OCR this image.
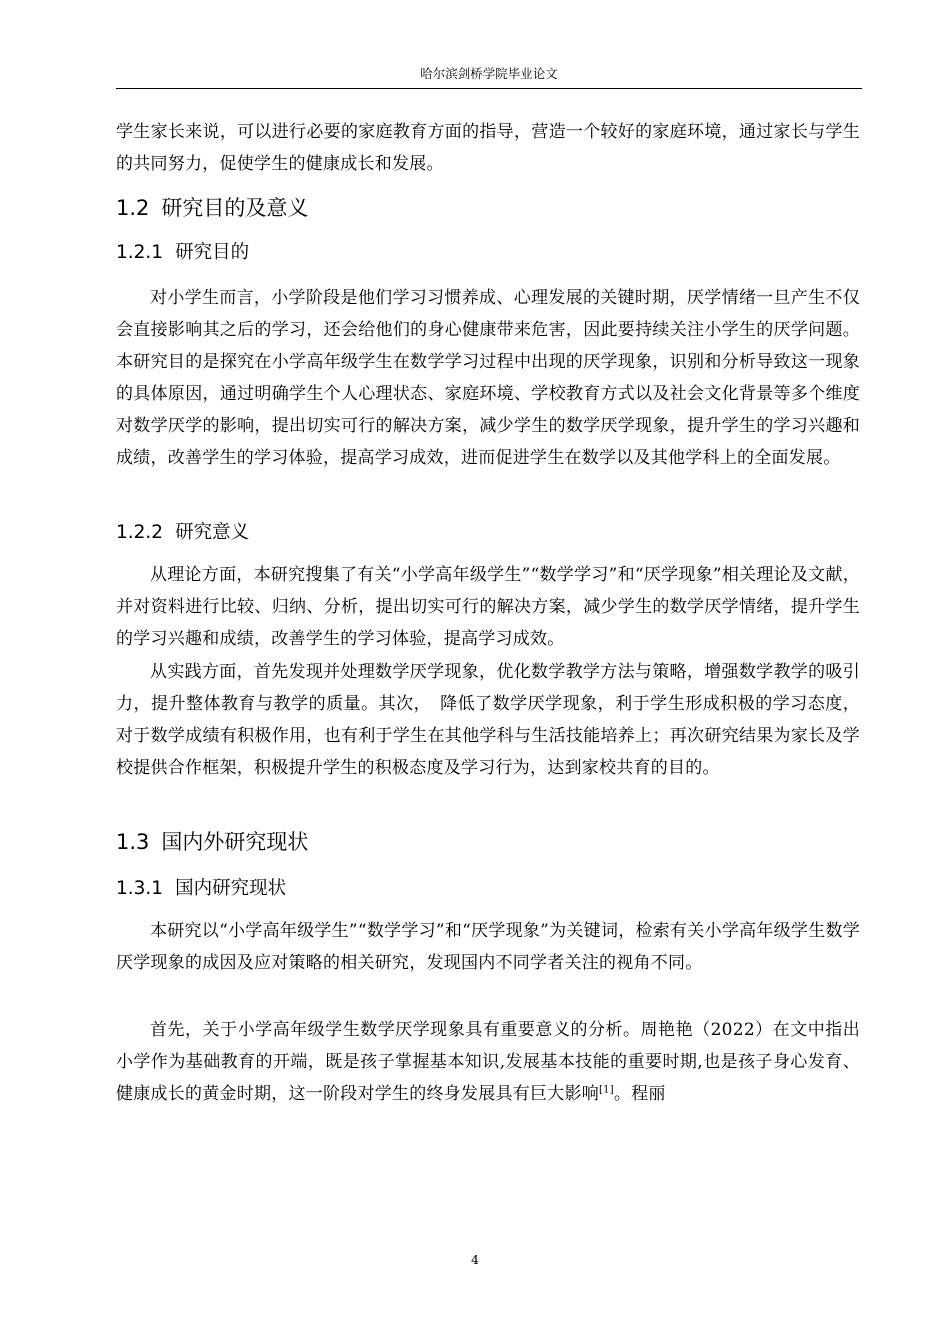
哈尔滨剑桥学院毕业论文

学生家长来说，可以进行必要的家庭教育方面的指导，营造一个较好的家庭环境，通过家长与学生的共同努力，促使学生的健康成长和发展。

1.2 研究目的及意义
1.2.1 研究目的

对小学生而言，小学阶段是他们学习习惯养成、心理发展的关键时期，厌学情绪一旦产生不仅会直接影响其之后的学习，还会给他们的身心健康带来危害，因此要持续关注小学生的厌学问题。本研究目的是探究在小学高年级学生在数学学习过程中出现的厌学现象，识别和分析导致这一现象的具体原因，通过明确学生个人心理状态、家庭环境、学校教育方式以及社会文化背景等多个维度对数学厌学的影响，提出切实可行的解决方案，减少学生的数学厌学现象，提升学生的学习兴趣和成绩，改善学生的学习体验，提高学习成效，进而促进学生在数学以及其他学科上的全面发展。

1.2.2 研究意义

从理论方面，本研究搜集了有关“小学高年级学生”“数学学习”和“厌学现象”相关理论及文献，并对资料进行比较、归纳、分析，提出切实可行的解决方案，减少学生的数学厌学情绪，提升学生的学习兴趣和成绩，改善学生的学习体验，提高学习成效。

从实践方面，首先发现并处理数学厌学现象，优化数学教学方法与策略，增强数学教学的吸引力，提升整体教育与教学的质量。其次，　降低了数学厌学现象，利于学生形成积极的学习态度，对于数学成绩有积极作用，也有利于学生在其他学科与生活技能培养上；再次研究结果为家长及学校提供合作框架，积极提升学生的积极态度及学习行为，达到家校共育的目的。

1.3 国内外研究现状
1.3.1 国内研究现状

本研究以“小学高年级学生”“数学学习”和“厌学现象”为关键词，检索有关小学高年级学生数学厌学现象的成因及应对策略的相关研究，发现国内不同学者关注的视角不同。

首先，关于小学高年级学生数学厌学现象具有重要意义的分析。周艳艳（2022）在文中指出小学作为基础教育的开端，既是孩子掌握基本知识,发展基本技能的重要时期,也是孩子身心发育、健康成长的黄金时期，这一阶段对学生的终身发展具有巨大影响[1]。程丽

4
